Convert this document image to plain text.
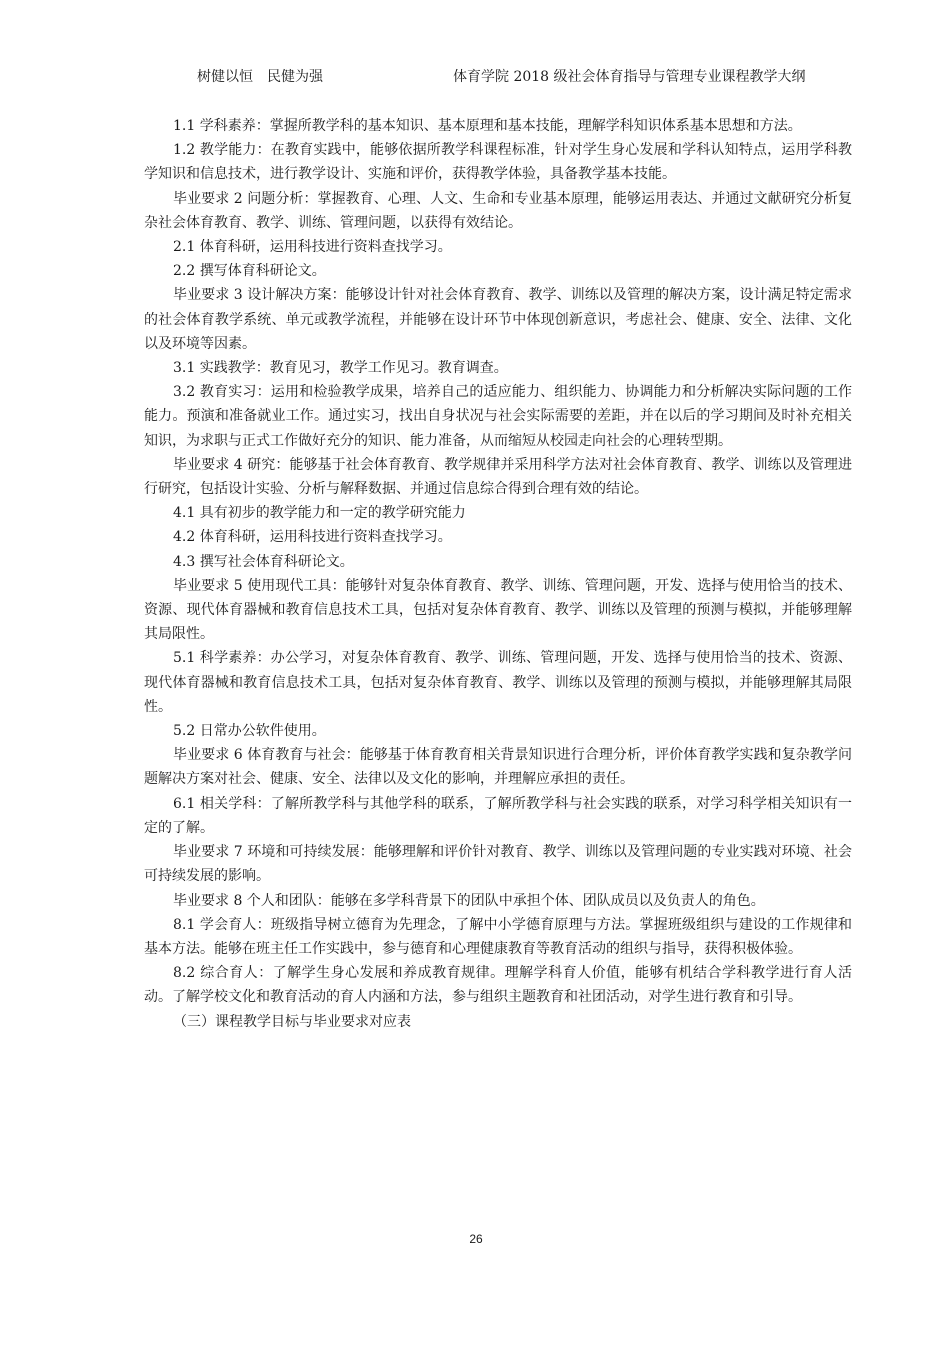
树健以恒　民健为强	体育学院 2018 级社会体育指导与管理专业课程教学大纲

1.1 学科素养：掌握所教学科的基本知识、基本原理和基本技能，理解学科知识体系基本思想和方法。

1.2 教学能力：在教育实践中，能够依据所教学科课程标准，针对学生身心发展和学科认知特点，运用学科教学知识和信息技术，进行教学设计、实施和评价，获得教学体验，具备教学基本技能。

毕业要求 2 问题分析：掌握教育、心理、人文、生命和专业基本原理，能够运用表达、并通过文献研究分析复杂社会体育教育、教学、训练、管理问题，以获得有效结论。

2.1 体育科研，运用科技进行资料查找学习。

2.2 撰写体育科研论文。

毕业要求 3 设计解决方案：能够设计针对社会体育教育、教学、训练以及管理的解决方案，设计满足特定需求的社会体育教学系统、单元或教学流程，并能够在设计环节中体现创新意识，考虑社会、健康、安全、法律、文化以及环境等因素。

3.1 实践教学：教育见习，教学工作见习。教育调查。

3.2 教育实习：运用和检验教学成果，培养自己的适应能力、组织能力、协调能力和分析解决实际问题的工作能力。预演和准备就业工作。通过实习，找出自身状况与社会实际需要的差距，并在以后的学习期间及时补充相关知识，为求职与正式工作做好充分的知识、能力准备，从而缩短从校园走向社会的心理转型期。

毕业要求 4 研究：能够基于社会体育教育、教学规律并采用科学方法对社会体育教育、教学、训练以及管理进行研究，包括设计实验、分析与解释数据、并通过信息综合得到合理有效的结论。

4.1 具有初步的教学能力和一定的教学研究能力

4.2 体育科研，运用科技进行资料查找学习。

4.3 撰写社会体育科研论文。

毕业要求 5 使用现代工具：能够针对复杂体育教育、教学、训练、管理问题，开发、选择与使用恰当的技术、资源、现代体育器械和教育信息技术工具，包括对复杂体育教育、教学、训练以及管理的预测与模拟，并能够理解其局限性。

5.1 科学素养：办公学习，对复杂体育教育、教学、训练、管理问题，开发、选择与使用恰当的技术、资源、现代体育器械和教育信息技术工具，包括对复杂体育教育、教学、训练以及管理的预测与模拟，并能够理解其局限性。

5.2 日常办公软件使用。

毕业要求 6 体育教育与社会：能够基于体育教育相关背景知识进行合理分析，评价体育教学实践和复杂教学问题解决方案对社会、健康、安全、法律以及文化的影响，并理解应承担的责任。

6.1 相关学科：了解所教学科与其他学科的联系，了解所教学科与社会实践的联系，对学习科学相关知识有一定的了解。

毕业要求 7 环境和可持续发展：能够理解和评价针对教育、教学、训练以及管理问题的专业实践对环境、社会可持续发展的影响。

毕业要求 8 个人和团队：能够在多学科背景下的团队中承担个体、团队成员以及负责人的角色。

8.1 学会育人：班级指导树立德育为先理念，了解中小学德育原理与方法。掌握班级组织与建设的工作规律和基本方法。能够在班主任工作实践中，参与德育和心理健康教育等教育活动的组织与指导，获得积极体验。

8.2 综合育人：了解学生身心发展和养成教育规律。理解学科育人价值，能够有机结合学科教学进行育人活动。了解学校文化和教育活动的育人内涵和方法，参与组织主题教育和社团活动，对学生进行教育和引导。

（三）课程教学目标与毕业要求对应表

26
